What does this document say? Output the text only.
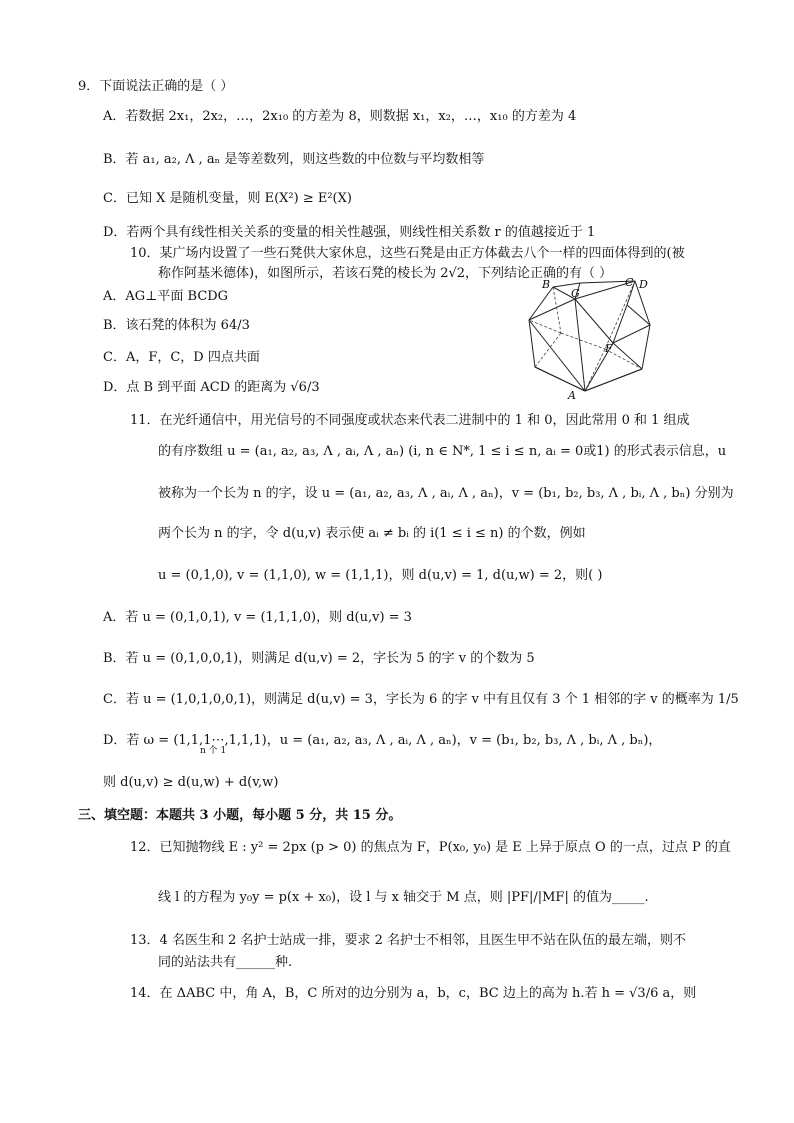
9．下面说法正确的是（ ）
A．若数据 2x₁，2x₂，…，2x₁₀ 的方差为 8，则数据 x₁，x₂，…，x₁₀ 的方差为 4
B．若 a₁, a₂, Λ , aₙ 是等差数列，则这些数的中位数与平均数相等
C．已知 X 是随机变量，则 E(X²) ≥ E²(X)
D．若两个具有线性相关关系的变量的相关性越强，则线性相关系数 r 的值越接近于 1
10．某广场内设置了一些石凳供大家休息，这些石凳是由正方体截去八个一样的四面体得到的(被
称作阿基米德体)，如图所示，若该石凳的棱长为 2√2，下列结论正确的有（ ）
A．AG⊥平面 BCDG
B．该石凳的体积为 64/3
C．A，F，C，D 四点共面
D．点 B 到平面 ACD 的距离为 √6/3
B
G
C D
F
A
11．在光纤通信中，用光信号的不同强度或状态来代表二进制中的 1 和 0，因此常用 0 和 1 组成
的有序数组 u = (a₁, a₂, a₃, Λ , aᵢ, Λ , aₙ) (i, n ∈ N*, 1 ≤ i ≤ n, aᵢ = 0或1) 的形式表示信息，u
被称为一个长为 n 的字，设 u = (a₁, a₂, a₃, Λ , aᵢ, Λ , aₙ)，v = (b₁, b₂, b₃, Λ , bᵢ, Λ , bₙ) 分别为
两个长为 n 的字，令 d(u,v) 表示使 aᵢ ≠ bᵢ 的 i(1 ≤ i ≤ n) 的个数，例如
u = (0,1,0), v = (1,1,0), w = (1,1,1)，则 d(u,v) = 1, d(u,w) = 2，则( )
A．若 u = (0,1,0,1), v = (1,1,1,0)，则 d(u,v) = 3
B．若 u = (0,1,0,0,1)，则满足 d(u,v) = 2，字长为 5 的字 v 的个数为 5
C．若 u = (1,0,1,0,0,1)，则满足 d(u,v) = 3，字长为 6 的字 v 中有且仅有 3 个 1 相邻的字 v 的概率为 1/5
D．若 ω = (1,1,1⋯,1,1,1)，u = (a₁, a₂, a₃, Λ , aᵢ, Λ , aₙ)，v = (b₁, b₂, b₃, Λ , bᵢ, Λ , bₙ)，
n 个 1
则 d(u,v) ≥ d(u,w) + d(v,w)
三、填空题：本题共 3 小题，每小题 5 分，共 15 分。
12．已知抛物线 E : y² = 2px (p > 0) 的焦点为 F，P(x₀, y₀) 是 E 上异于原点 O 的一点，过点 P 的直
线 l 的方程为 y₀y = p(x + x₀)，设 l 与 x 轴交于 M 点，则 |PF|/|MF| 的值为_____.
13．4 名医生和 2 名护士站成一排，要求 2 名护士不相邻，且医生甲不站在队伍的最左端，则不
同的站法共有______种.
14．在 ΔABC 中，角 A，B，C 所对的边分别为 a，b，c，BC 边上的高为 h.若 h = √3/6 a，则
